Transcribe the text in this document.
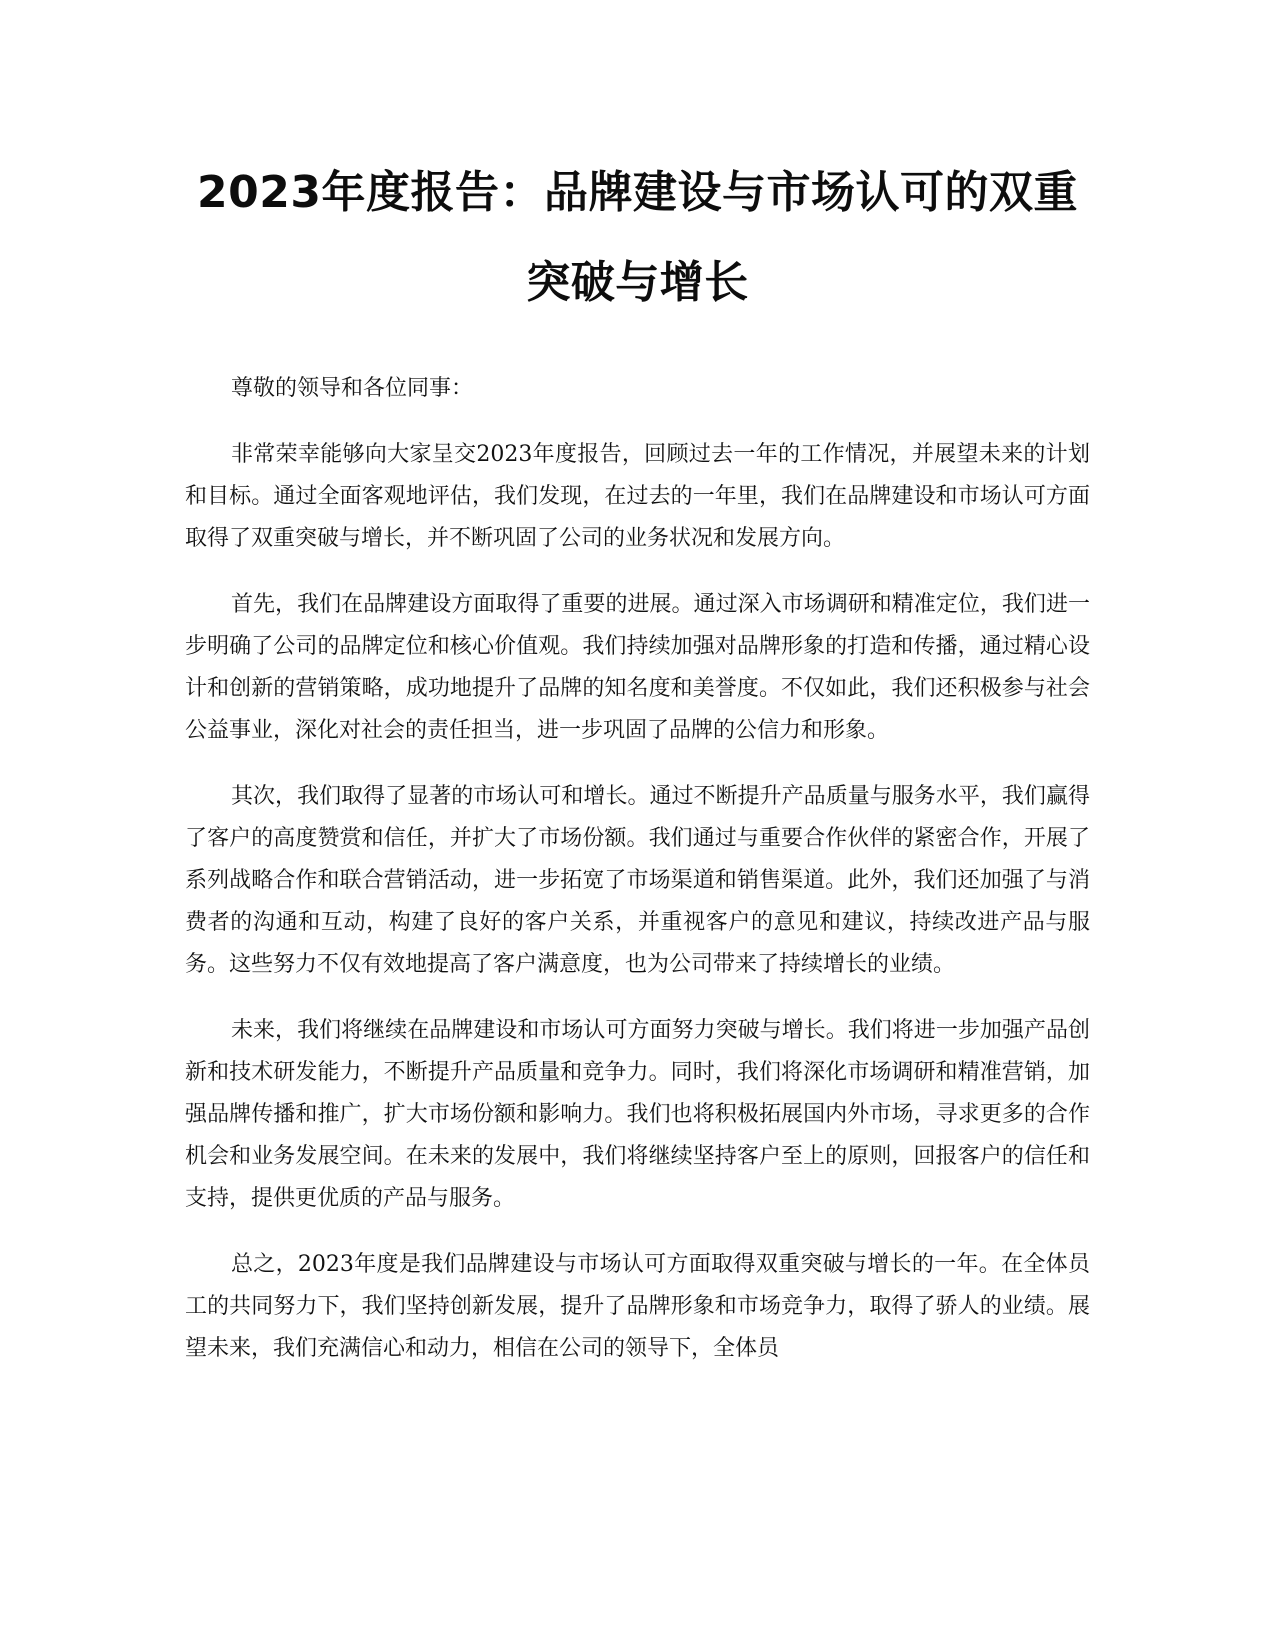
2023年度报告：品牌建设与市场认可的双重
突破与增长

尊敬的领导和各位同事：

非常荣幸能够向大家呈交2023年度报告，回顾过去一年的工作情况，并展望未来的计划和目标。通过全面客观地评估，我们发现，在过去的一年里，我们在品牌建设和市场认可方面取得了双重突破与增长，并不断巩固了公司的业务状况和发展方向。

首先，我们在品牌建设方面取得了重要的进展。通过深入市场调研和精准定位，我们进一步明确了公司的品牌定位和核心价值观。我们持续加强对品牌形象的打造和传播，通过精心设计和创新的营销策略，成功地提升了品牌的知名度和美誉度。不仅如此，我们还积极参与社会公益事业，深化对社会的责任担当，进一步巩固了品牌的公信力和形象。

其次，我们取得了显著的市场认可和增长。通过不断提升产品质量与服务水平，我们赢得了客户的高度赞赏和信任，并扩大了市场份额。我们通过与重要合作伙伴的紧密合作，开展了系列战略合作和联合营销活动，进一步拓宽了市场渠道和销售渠道。此外，我们还加强了与消费者的沟通和互动，构建了良好的客户关系，并重视客户的意见和建议，持续改进产品与服务。这些努力不仅有效地提高了客户满意度，也为公司带来了持续增长的业绩。

未来，我们将继续在品牌建设和市场认可方面努力突破与增长。我们将进一步加强产品创新和技术研发能力，不断提升产品质量和竞争力。同时，我们将深化市场调研和精准营销，加强品牌传播和推广，扩大市场份额和影响力。我们也将积极拓展国内外市场，寻求更多的合作机会和业务发展空间。在未来的发展中，我们将继续坚持客户至上的原则，回报客户的信任和支持，提供更优质的产品与服务。

总之，2023年度是我们品牌建设与市场认可方面取得双重突破与增长的一年。在全体员工的共同努力下，我们坚持创新发展，提升了品牌形象和市场竞争力，取得了骄人的业绩。展望未来，我们充满信心和动力，相信在公司的领导下，全体员
